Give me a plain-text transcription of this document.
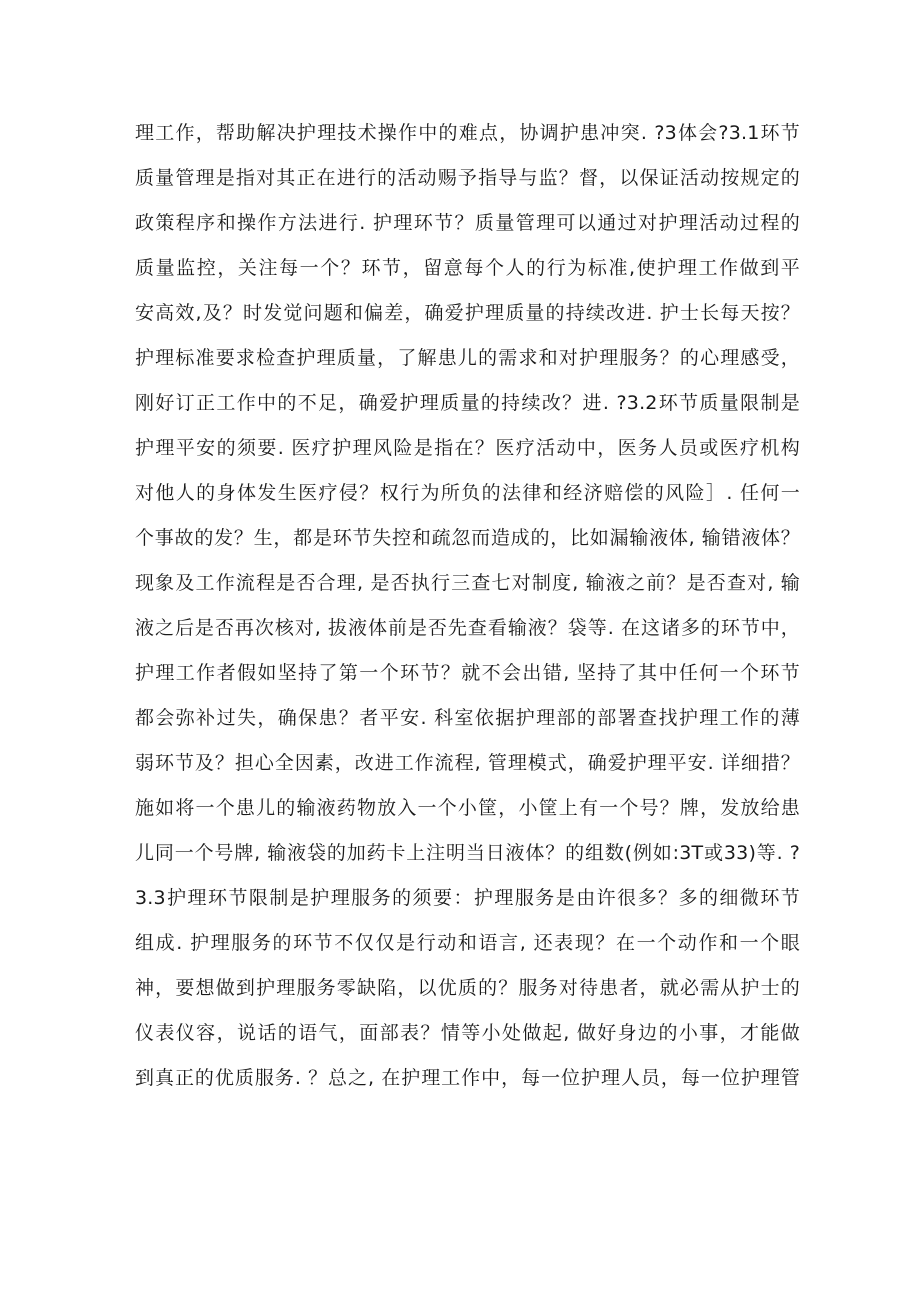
理工作，帮助解决护理技术操作中的难点，协调护患冲突. ?3体会?3.1环节
质量管理是指对其正在进行的活动赐予指导与监？督，以保证活动按规定的
政策程序和操作方法进行. 护理环节？质量管理可以通过对护理活动过程的
质量监控，关注每一个？环节，留意每个人的行为标准,使护理工作做到平
安高效,及？时发觉问题和偏差，确爱护理质量的持续改进. 护士长每天按？
护理标准要求检查护理质量，了解患儿的需求和对护理服务？的心理感受，
刚好订正工作中的不足，确爱护理质量的持续改？进. ?3.2环节质量限制是
护理平安的须要. 医疗护理风险是指在？医疗活动中，医务人员或医疗机构
对他人的身体发生医疗侵？权行为所负的法律和经济赔偿的风险］. 任何一
个事故的发？生，都是环节失控和疏忽而造成的，比如漏输液体, 输错液体？
现象及工作流程是否合理, 是否执行三查七对制度, 输液之前？是否查对, 输
液之后是否再次核对, 拔液体前是否先查看输液？袋等. 在这诸多的环节中，
护理工作者假如坚持了第一个环节？就不会出错, 坚持了其中任何一个环节
都会弥补过失，确保患？者平安. 科室依据护理部的部署查找护理工作的薄
弱环节及？担心全因素，改进工作流程, 管理模式，确爱护理平安. 详细措？
施如将一个患儿的输液药物放入一个小筐，小筐上有一个号？牌，发放给患
儿同一个号牌, 输液袋的加药卡上注明当日液体？的组数(例如:3T或33)等. ?
3.3护理环节限制是护理服务的须要：护理服务是由许很多？多的细微环节
组成. 护理服务的环节不仅仅是行动和语言, 还表现？在一个动作和一个眼
神，要想做到护理服务零缺陷，以优质的？服务对待患者，就必需从护士的
仪表仪容，说话的语气，面部表？情等小处做起, 做好身边的小事，才能做
到真正的优质服务. ？总之, 在护理工作中，每一位护理人员，每一位护理管
